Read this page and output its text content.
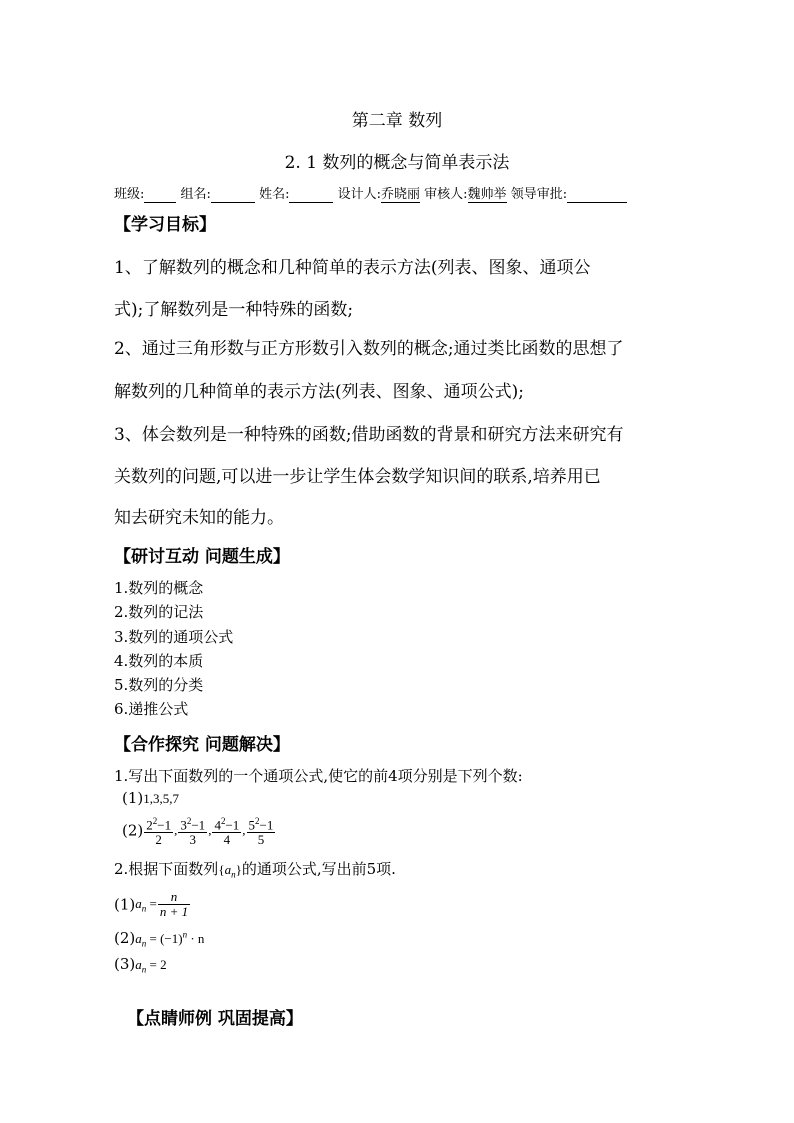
第二章 数列
2. 1 数列的概念与简单表示法
班级:	组名:	姓名:	设计人:乔晓丽 审核人:魏帅举 领导审批:
【学习目标】
1、了解数列的概念和几种简单的表示方法(列表、图象、通项公
式);了解数列是一种特殊的函数;
2、通过三角形数与正方形数引入数列的概念;通过类比函数的思想了
解数列的几种简单的表示方法(列表、图象、通项公式);
3、体会数列是一种特殊的函数;借助函数的背景和研究方法来研究有
关数列的问题,可以进一步让学生体会数学知识间的联系,培养用已
知去研究未知的能力。
【研讨互动 问题生成】
1.数列的概念
2.数列的记法
3.数列的通项公式
4.数列的本质
5.数列的分类
6.递推公式
【合作探究 问题解决】
1.写出下面数列的一个通项公式,使它的前4项分别是下列个数:
(1)1,3,5,7
$(2) \frac{2^2-1}{2}$ , $\frac{3^2-1}{3}$ , $\frac{4^2-1}{4}$ , $\frac{5^2-1}{5}$
2.根据下面数列$\{a_n\}$的通项公式,写出前5项.
$(1)a_n = \frac{n}{n + 1}$
$(2)a_n = (-1)^n \cdot n$
$(3)a_n = 2$
【点睛师例 巩固提高】
